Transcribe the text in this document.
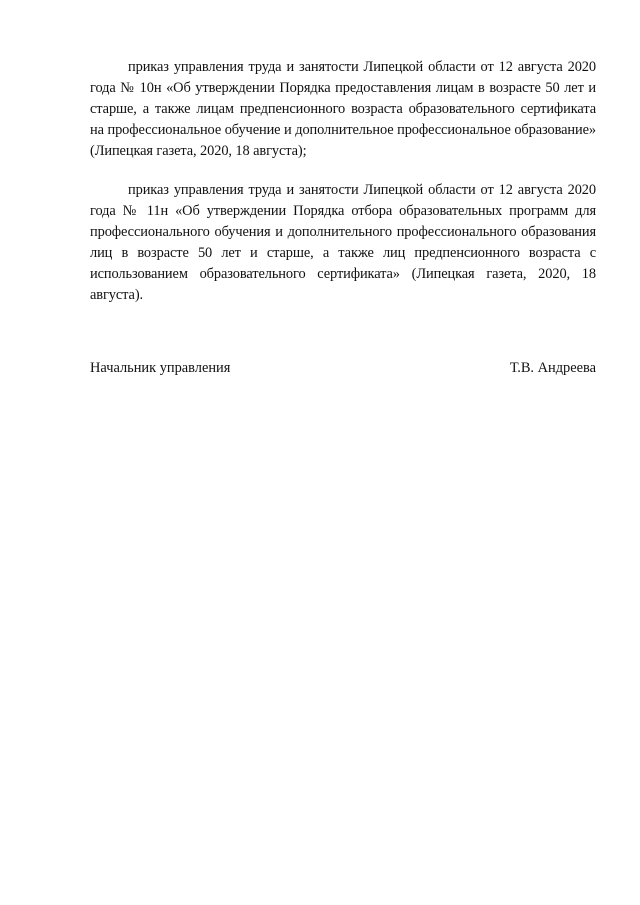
приказ управления труда и занятости Липецкой области от 12 августа 2020 года № 10н «Об утверждении Порядка предоставления лицам в возрасте 50 лет и старше, а также лицам предпенсионного возраста образовательного сертификата на профессиональное обучение и дополнительное профессиональное образование» (Липецкая газета, 2020, 18 августа);

приказ управления труда и занятости Липецкой области от 12 августа 2020 года № 11н «Об утверждении Порядка отбора образовательных программ для профессионального обучения и дополнительного профессионального образования лиц в возрасте 50 лет и старше, а также лиц предпенсионного возраста с использованием образовательного сертификата» (Липецкая газета, 2020, 18 августа).

Начальник управления	Т.В. Андреева
